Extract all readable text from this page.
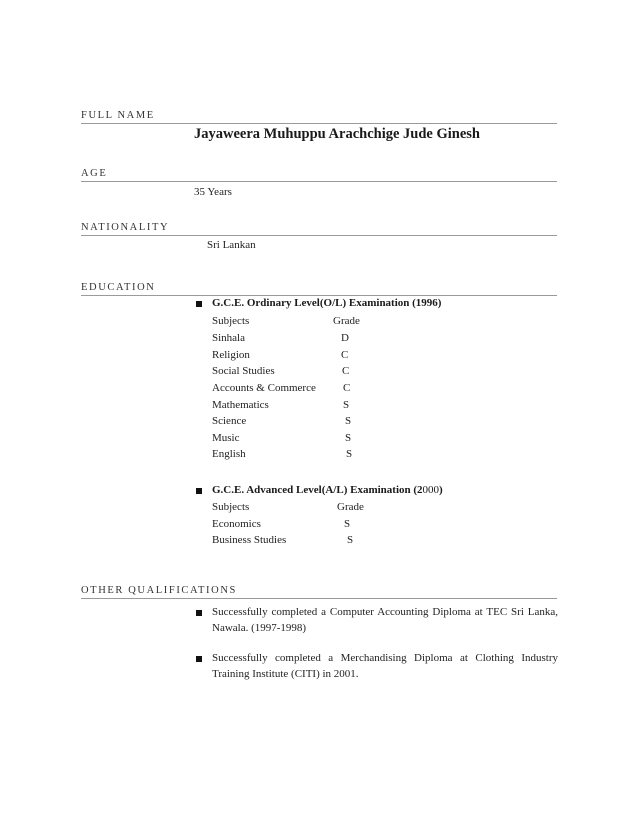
FULL NAME
Jayaweera Muhuppu Arachchige Jude Ginesh
AGE
35 Years
NATIONALITY
Sri Lankan
EDUCATION
G.C.E. Ordinary Level(O/L) Examination (1996)
Subjects	Grade
Sinhala	D
Religion	C
Social Studies	C
Accounts & Commerce C
Mathematics	S
Science	S
Music	S
English	S
G.C.E. Advanced Level(A/L) Examination (2000)
Subjects	Grade
Economics	S
Business Studies	S
OTHER QUALIFICATIONS
Successfully completed a Computer Accounting Diploma at TEC Sri Lanka, Nawala. (1997-1998)
Successfully completed a Merchandising Diploma at Clothing Industry Training Institute (CITI) in 2001.
